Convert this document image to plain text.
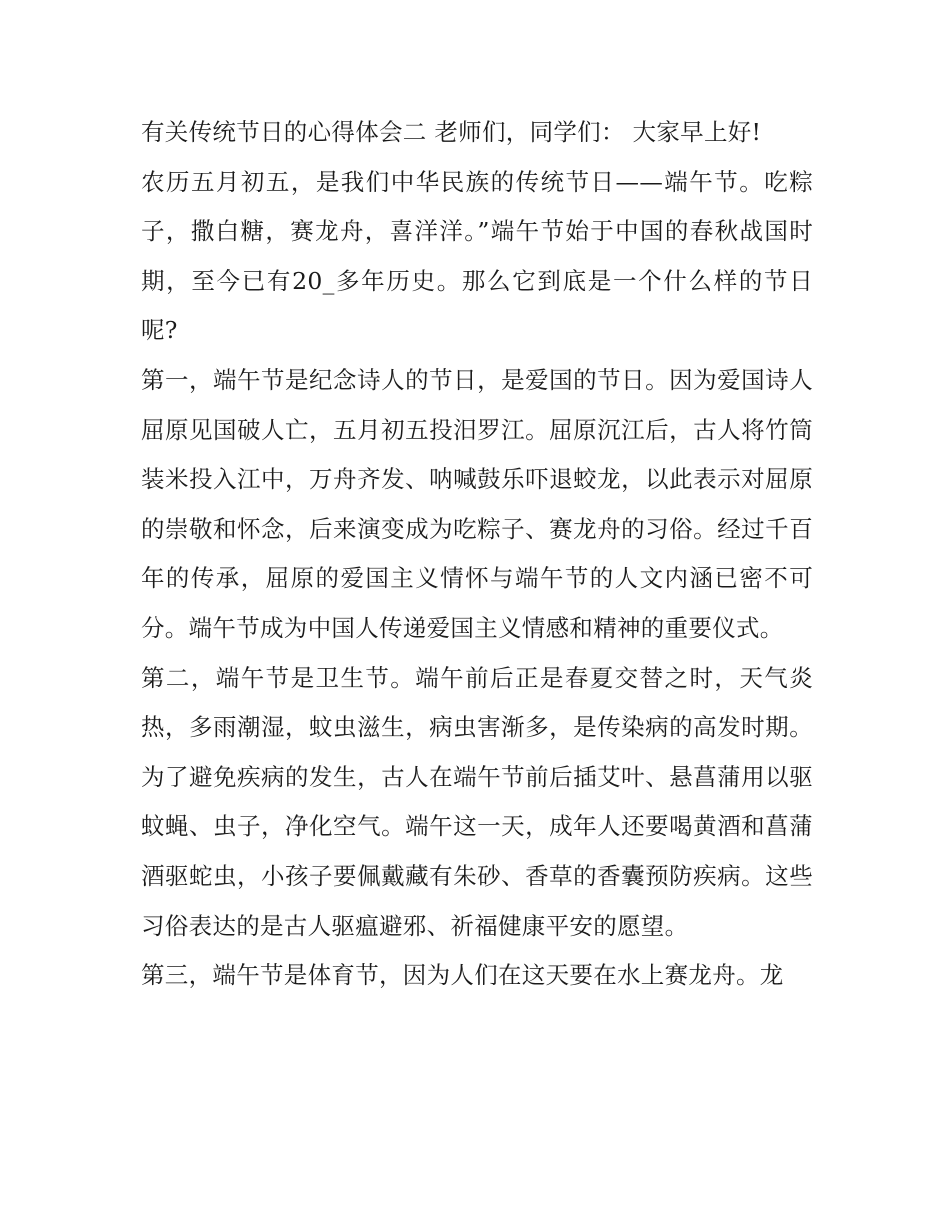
有关传统节日的心得体会二 老师们，同学们： 大家早上好!

农历五月初五，是我们中华民族的传统节日——端午节。吃粽子，撒白糖，赛龙舟，喜洋洋。”端午节始于中国的春秋战国时期，至今已有20_多年历史。那么它到底是一个什么样的节日呢?

第一，端午节是纪念诗人的节日，是爱国的节日。因为爱国诗人屈原见国破人亡，五月初五投汨罗江。屈原沉江后，古人将竹筒装米投入江中，万舟齐发、呐喊鼓乐吓退蛟龙，以此表示对屈原的崇敬和怀念，后来演变成为吃粽子、赛龙舟的习俗。经过千百年的传承，屈原的爱国主义情怀与端午节的人文内涵已密不可分。端午节成为中国人传递爱国主义情感和精神的重要仪式。

第二，端午节是卫生节。端午前后正是春夏交替之时，天气炎热，多雨潮湿，蚊虫滋生，病虫害渐多，是传染病的高发时期。为了避免疾病的发生，古人在端午节前后插艾叶、悬菖蒲用以驱蚊蝇、虫子，净化空气。端午这一天，成年人还要喝黄酒和菖蒲酒驱蛇虫，小孩子要佩戴藏有朱砂、香草的香囊预防疾病。这些习俗表达的是古人驱瘟避邪、祈福健康平安的愿望。

第三，端午节是体育节，因为人们在这天要在水上赛龙舟。龙
